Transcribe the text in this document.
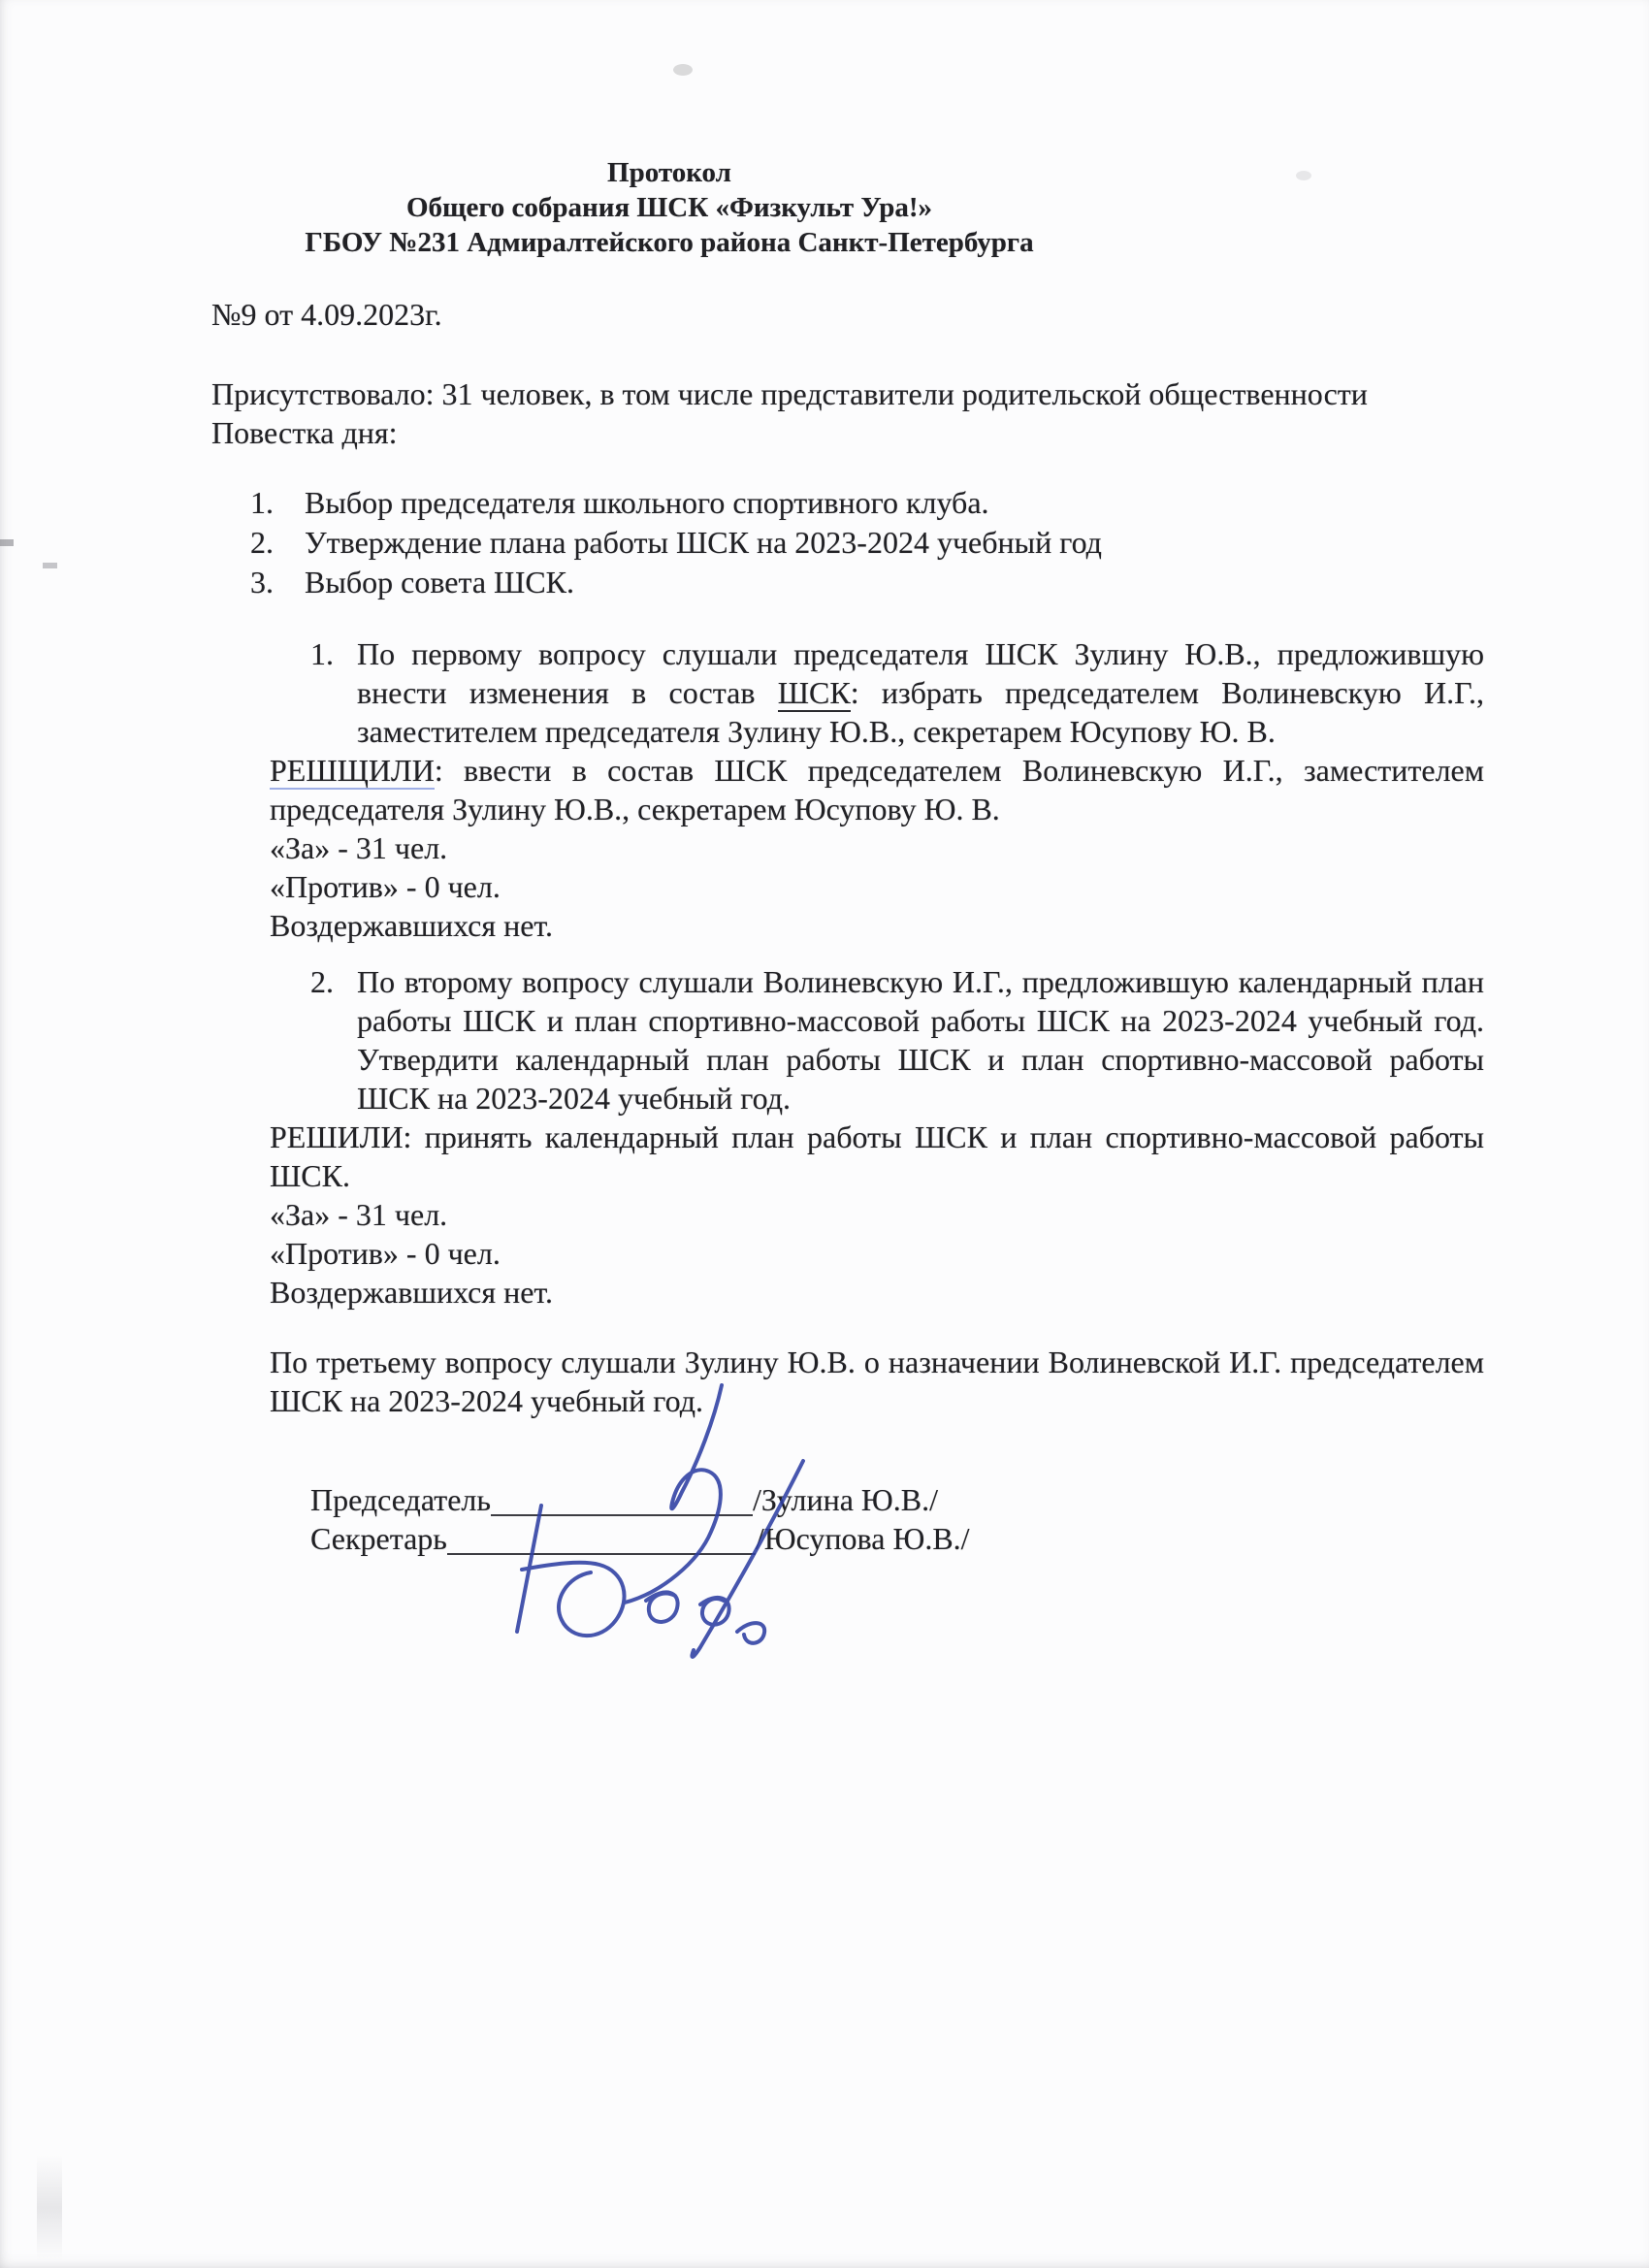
Протокол
Общего собрания ШСК «Физкульт Ура!»
ГБОУ №231 Адмиралтейского района Санкт-Петербурга
№9 от 4.09.2023г.
Присутствовало: 31 человек, в том числе представители родительской общественности
Повестка дня:
1. Выбор председателя школьного спортивного клуба.
2. Утверждение плана работы ШСК на 2023-2024 учебный год
3. Выбор совета ШСК.

1. По первому вопросу слушали председателя ШСК Зулину Ю.В., предложившую внести изменения в состав ШСК: избрать председателем Волиневскую И.Г., заместителем председателя Зулину Ю.В., секретарем Юсупову Ю. В.

РЕШЩИЛИ: ввести в состав ШСК председателем Волиневскую И.Г., заместителем председателя Зулину Ю.В., секретарем Юсупову Ю. В.

«За» - 31 чел.
«Против» - 0 чел.
Воздержавшихся нет.

2. По второму вопросу слушали Волиневскую И.Г., предложившую календарный план работы ШСК и план спортивно-массовой работы ШСК на 2023-2024 учебный год. Утвердити календарный план работы ШСК и план спортивно-массовой работы ШСК на 2023-2024 учебный год.

РЕШИЛИ: принять календарный план работы ШСК и план спортивно-массовой работы ШСК.

«За» - 31 чел.
«Против» - 0 чел.
Воздержавшихся нет.

По третьему вопросу слушали Зулину Ю.В. о назначении Волиневской И.Г. председателем ШСК на 2023-2024 учебный год.

Председатель	/Зулина Ю.В./
Секретарь	/Юсупова Ю.В./
